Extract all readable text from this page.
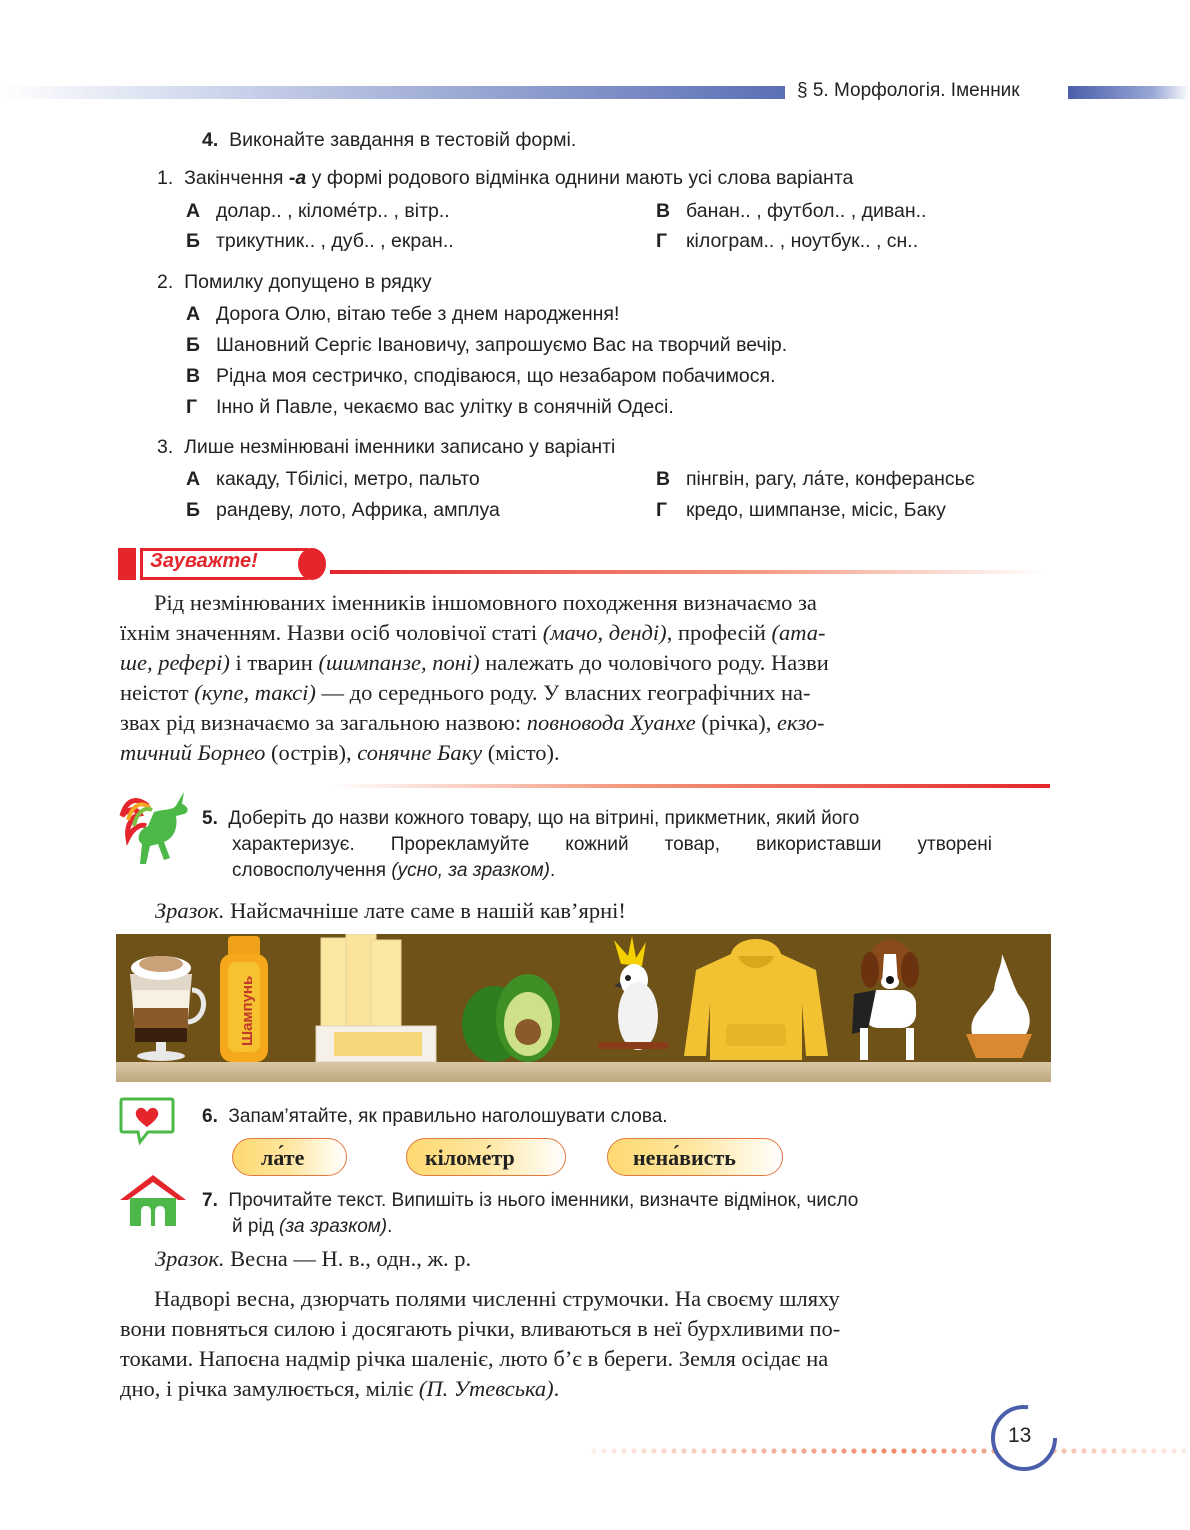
§ 5. Морфологія. Іменник
4. Виконайте завдання в тестовій формі.
1. Закінчення -а у формі родового відмінка однини мають усі слова варіанта
А долар.. , кіломе́тр.. , вітр..
Б трикутник.. , дуб.. , екран..
В банан.. , футбол.. , диван..
Г кілограм.. , ноутбук.. , сн..
2. Помилку допущено в рядку
А Дорога Олю, вітаю тебе з днем народження!
Б Шановний Сергіє Івановичу, запрошуємо Вас на творчий вечір.
В Рідна моя сестричко, сподіваюся, що незабаром побачимося.
Г Інно й Павле, чекаємо вас улітку в сонячній Одесі.
3. Лише незмінювані іменники записано у варіанті
А какаду, Тбілісі, метро, пальто
Б рандеву, лото, Африка, амплуа
В пінгвін, рагу, ла́те, конферансьє
Г кредо, шимпанзе, місіс, Баку
Зауважте!
Рід незмінюваних іменників іншомовного походження визначаємо за
їхнім значенням. Назви осіб чоловічої статі (мачо, денді), професій (ата-
ше, рефері) і тварин (шимпанзе, поні) належать до чоловічого роду. Назви
неістот (купе, таксі) — до середнього роду. У власних географічних на-
звах рід визначаємо за загальною назвою: повновода Хуанхе (річка), екзо-
тичний Борнео (острів), сонячне Баку (місто).
5. Доберіть до назви кожного товару, що на вітрині, прикметник, який його
характеризує. Прорекламуйте кожний товар, використавши утворені
словосполучення (усно, за зразком).
Зразок. Найсмачніше лате саме в нашій кав’ярні!
Шампунь
6. Запам’ятайте, як правильно наголошувати слова.
ла́те	кіломе́тр	нена́висть
7. Прочитайте текст. Випишіть із нього іменники, визначте відмінок, число
й рід (за зразком).
Зразок. Весна — Н. в., одн., ж. р.
Надворі весна, дзюрчать полями численні струмочки. На своєму шляху
вони повняться силою і досягають річки, вливаються в неї бурхливими по-
токами. Напоєна надмір річка шаленіє, люто б’є в береги. Земля осідає на
дно, і річка замулюється, міліє (П. Утевська).
13
